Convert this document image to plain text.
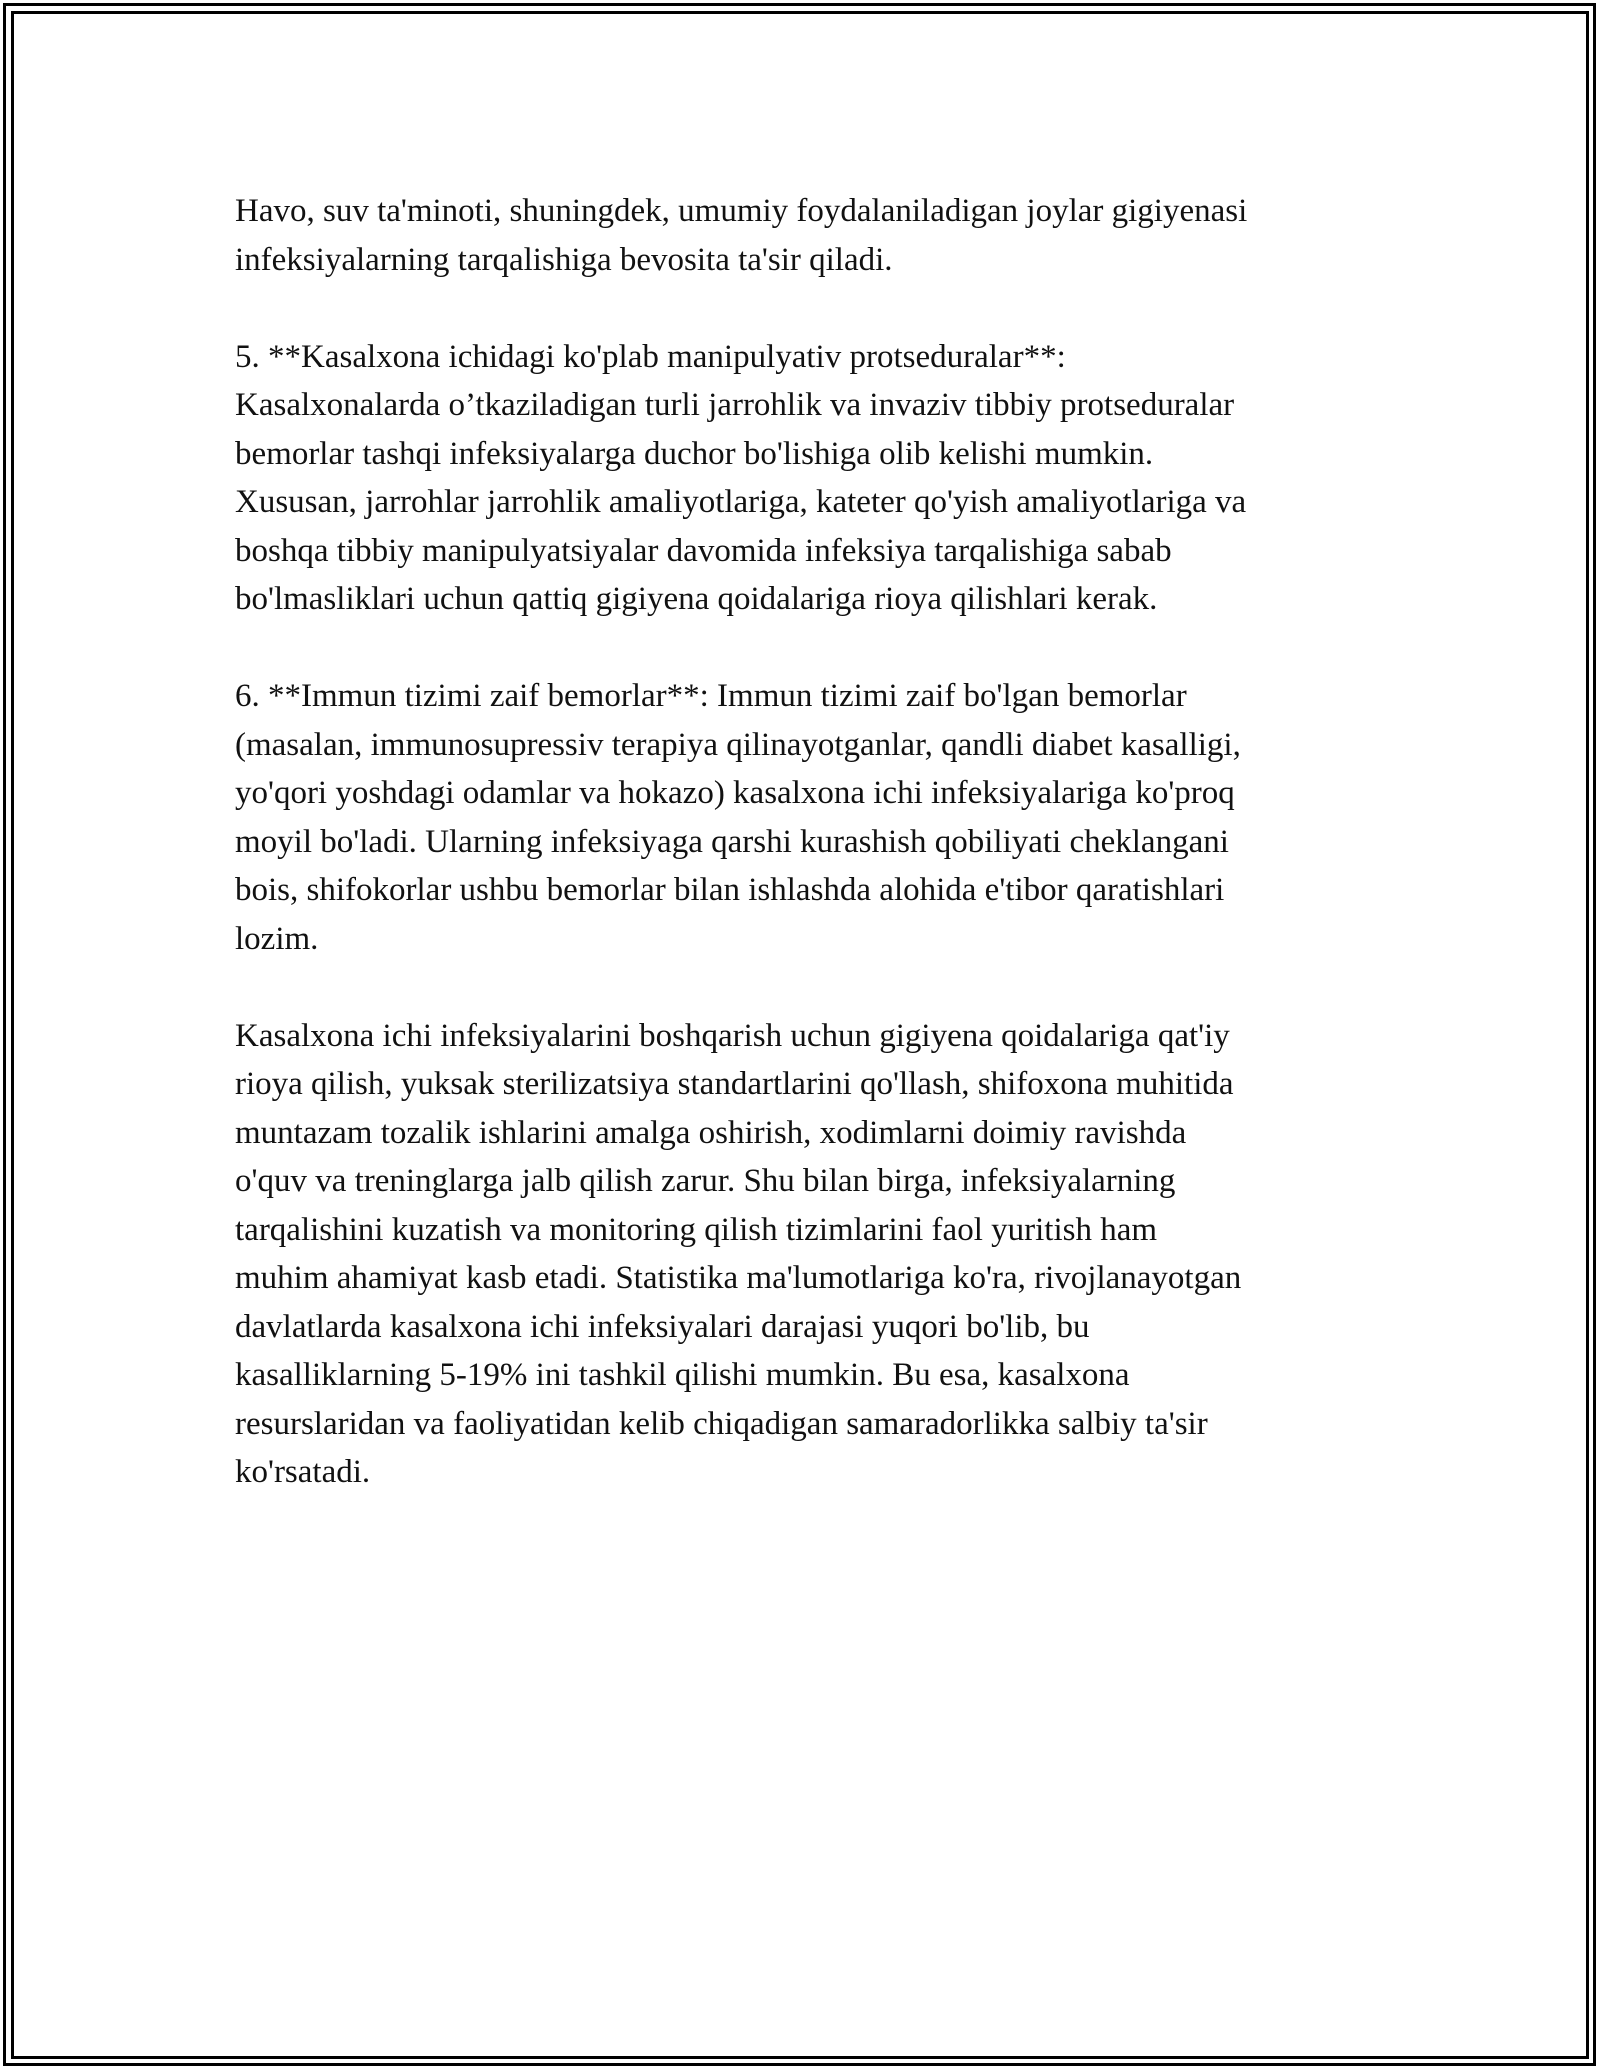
Havo, suv ta'minoti, shuningdek, umumiy foydalaniladigan joylar gigiyenasi
infeksiyalarning tarqalishiga bevosita ta'sir qiladi.

5. **Kasalxona ichidagi ko'plab manipulyativ protseduralar**:
Kasalxonalarda o’tkaziladigan turli jarrohlik va invaziv tibbiy protseduralar
bemorlar tashqi infeksiyalarga duchor bo'lishiga olib kelishi mumkin.
Xususan, jarrohlar jarrohlik amaliyotlariga, kateter qo'yish amaliyotlariga va
boshqa tibbiy manipulyatsiyalar davomida infeksiya tarqalishiga sabab
bo'lmasliklari uchun qattiq gigiyena qoidalariga rioya qilishlari kerak.

6. **Immun tizimi zaif bemorlar**: Immun tizimi zaif bo'lgan bemorlar
(masalan, immunosupressiv terapiya qilinayotganlar, qandli diabet kasalligi,
yo'qori yoshdagi odamlar va hokazo) kasalxona ichi infeksiyalariga ko'proq
moyil bo'ladi. Ularning infeksiyaga qarshi kurashish qobiliyati cheklangani
bois, shifokorlar ushbu bemorlar bilan ishlashda alohida e'tibor qaratishlari
lozim.

Kasalxona ichi infeksiyalarini boshqarish uchun gigiyena qoidalariga qat'iy
rioya qilish, yuksak sterilizatsiya standartlarini qo'llash, shifoxona muhitida
muntazam tozalik ishlarini amalga oshirish, xodimlarni doimiy ravishda
o'quv va treninglarga jalb qilish zarur. Shu bilan birga, infeksiyalarning
tarqalishini kuzatish va monitoring qilish tizimlarini faol yuritish ham
muhim ahamiyat kasb etadi. Statistika ma'lumotlariga ko'ra, rivojlanayotgan
davlatlarda kasalxona ichi infeksiyalari darajasi yuqori bo'lib, bu
kasalliklarning 5-19% ini tashkil qilishi mumkin. Bu esa, kasalxona
resurslaridan va faoliyatidan kelib chiqadigan samaradorlikka salbiy ta'sir
ko'rsatadi.
